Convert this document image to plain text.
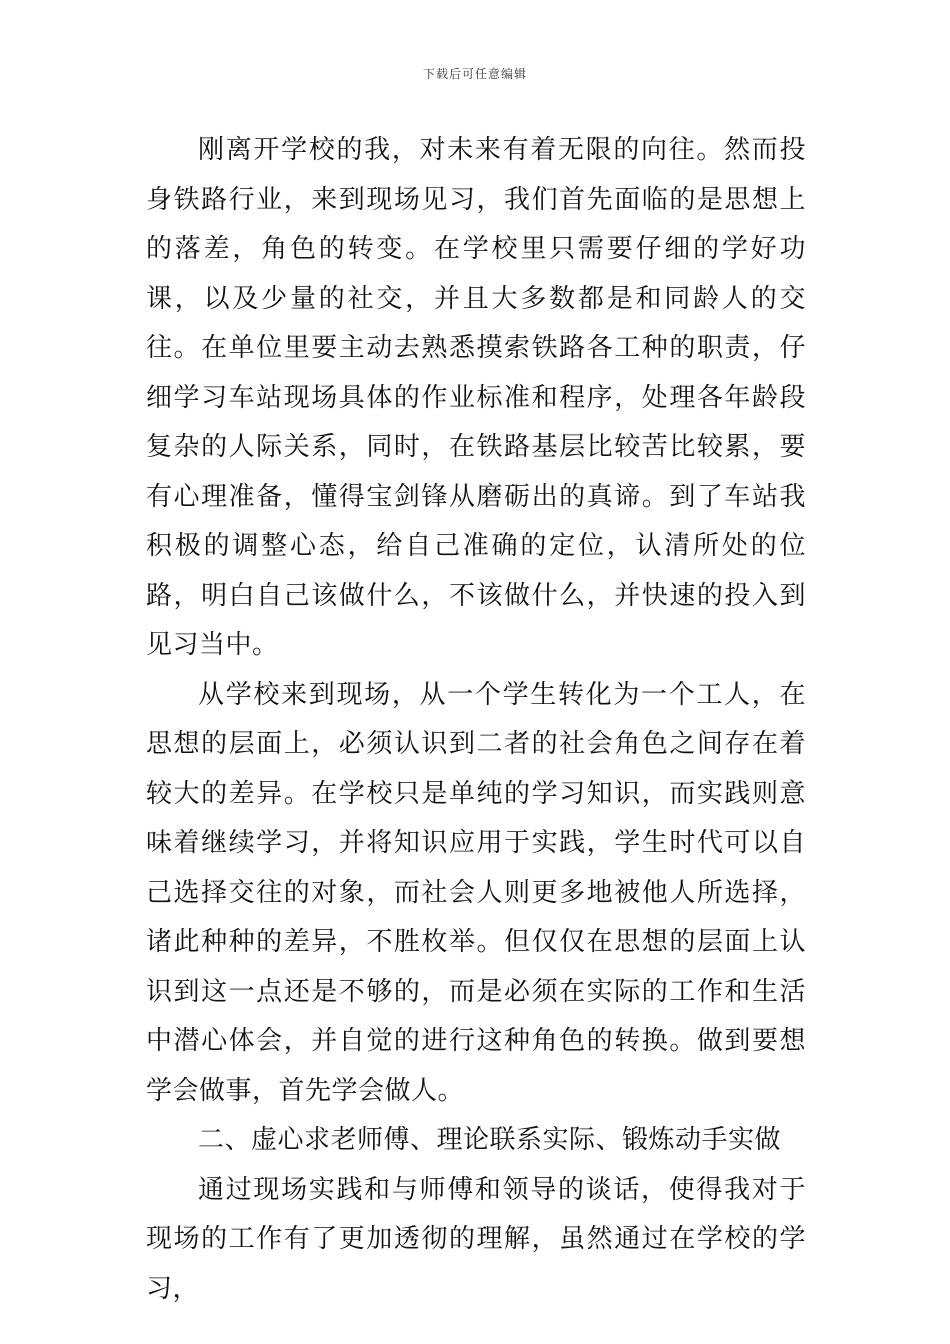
下载后可任意编辑

刚离开学校的我，对未来有着无限的向往。然而投身铁路行业，来到现场见习，我们首先面临的是思想上的落差，角色的转变。在学校里只需要仔细的学好功课，以及少量的社交，并且大多数都是和同龄人的交往。在单位里要主动去熟悉摸索铁路各工种的职责，仔细学习车站现场具体的作业标准和程序，处理各年龄段复杂的人际关系，同时，在铁路基层比较苦比较累，要有心理准备，懂得宝剑锋从磨砺出的真谛。到了车站我积极的调整心态，给自己准确的定位，认清所处的位路，明白自己该做什么，不该做什么，并快速的投入到见习当中。

从学校来到现场，从一个学生转化为一个工人，在思想的层面上，必须认识到二者的社会角色之间存在着较大的差异。在学校只是单纯的学习知识，而实践则意味着继续学习，并将知识应用于实践，学生时代可以自己选择交往的对象，而社会人则更多地被他人所选择，诸此种种的差异，不胜枚举。但仅仅在思想的层面上认识到这一点还是不够的，而是必须在实际的工作和生活中潜心体会，并自觉的进行这种角色的转换。做到要想学会做事，首先学会做人。

二、虚心求老师傅、理论联系实际、锻炼动手实做

通过现场实践和与师傅和领导的谈话，使得我对于现场的工作有了更加透彻的理解，虽然通过在学校的学习，
